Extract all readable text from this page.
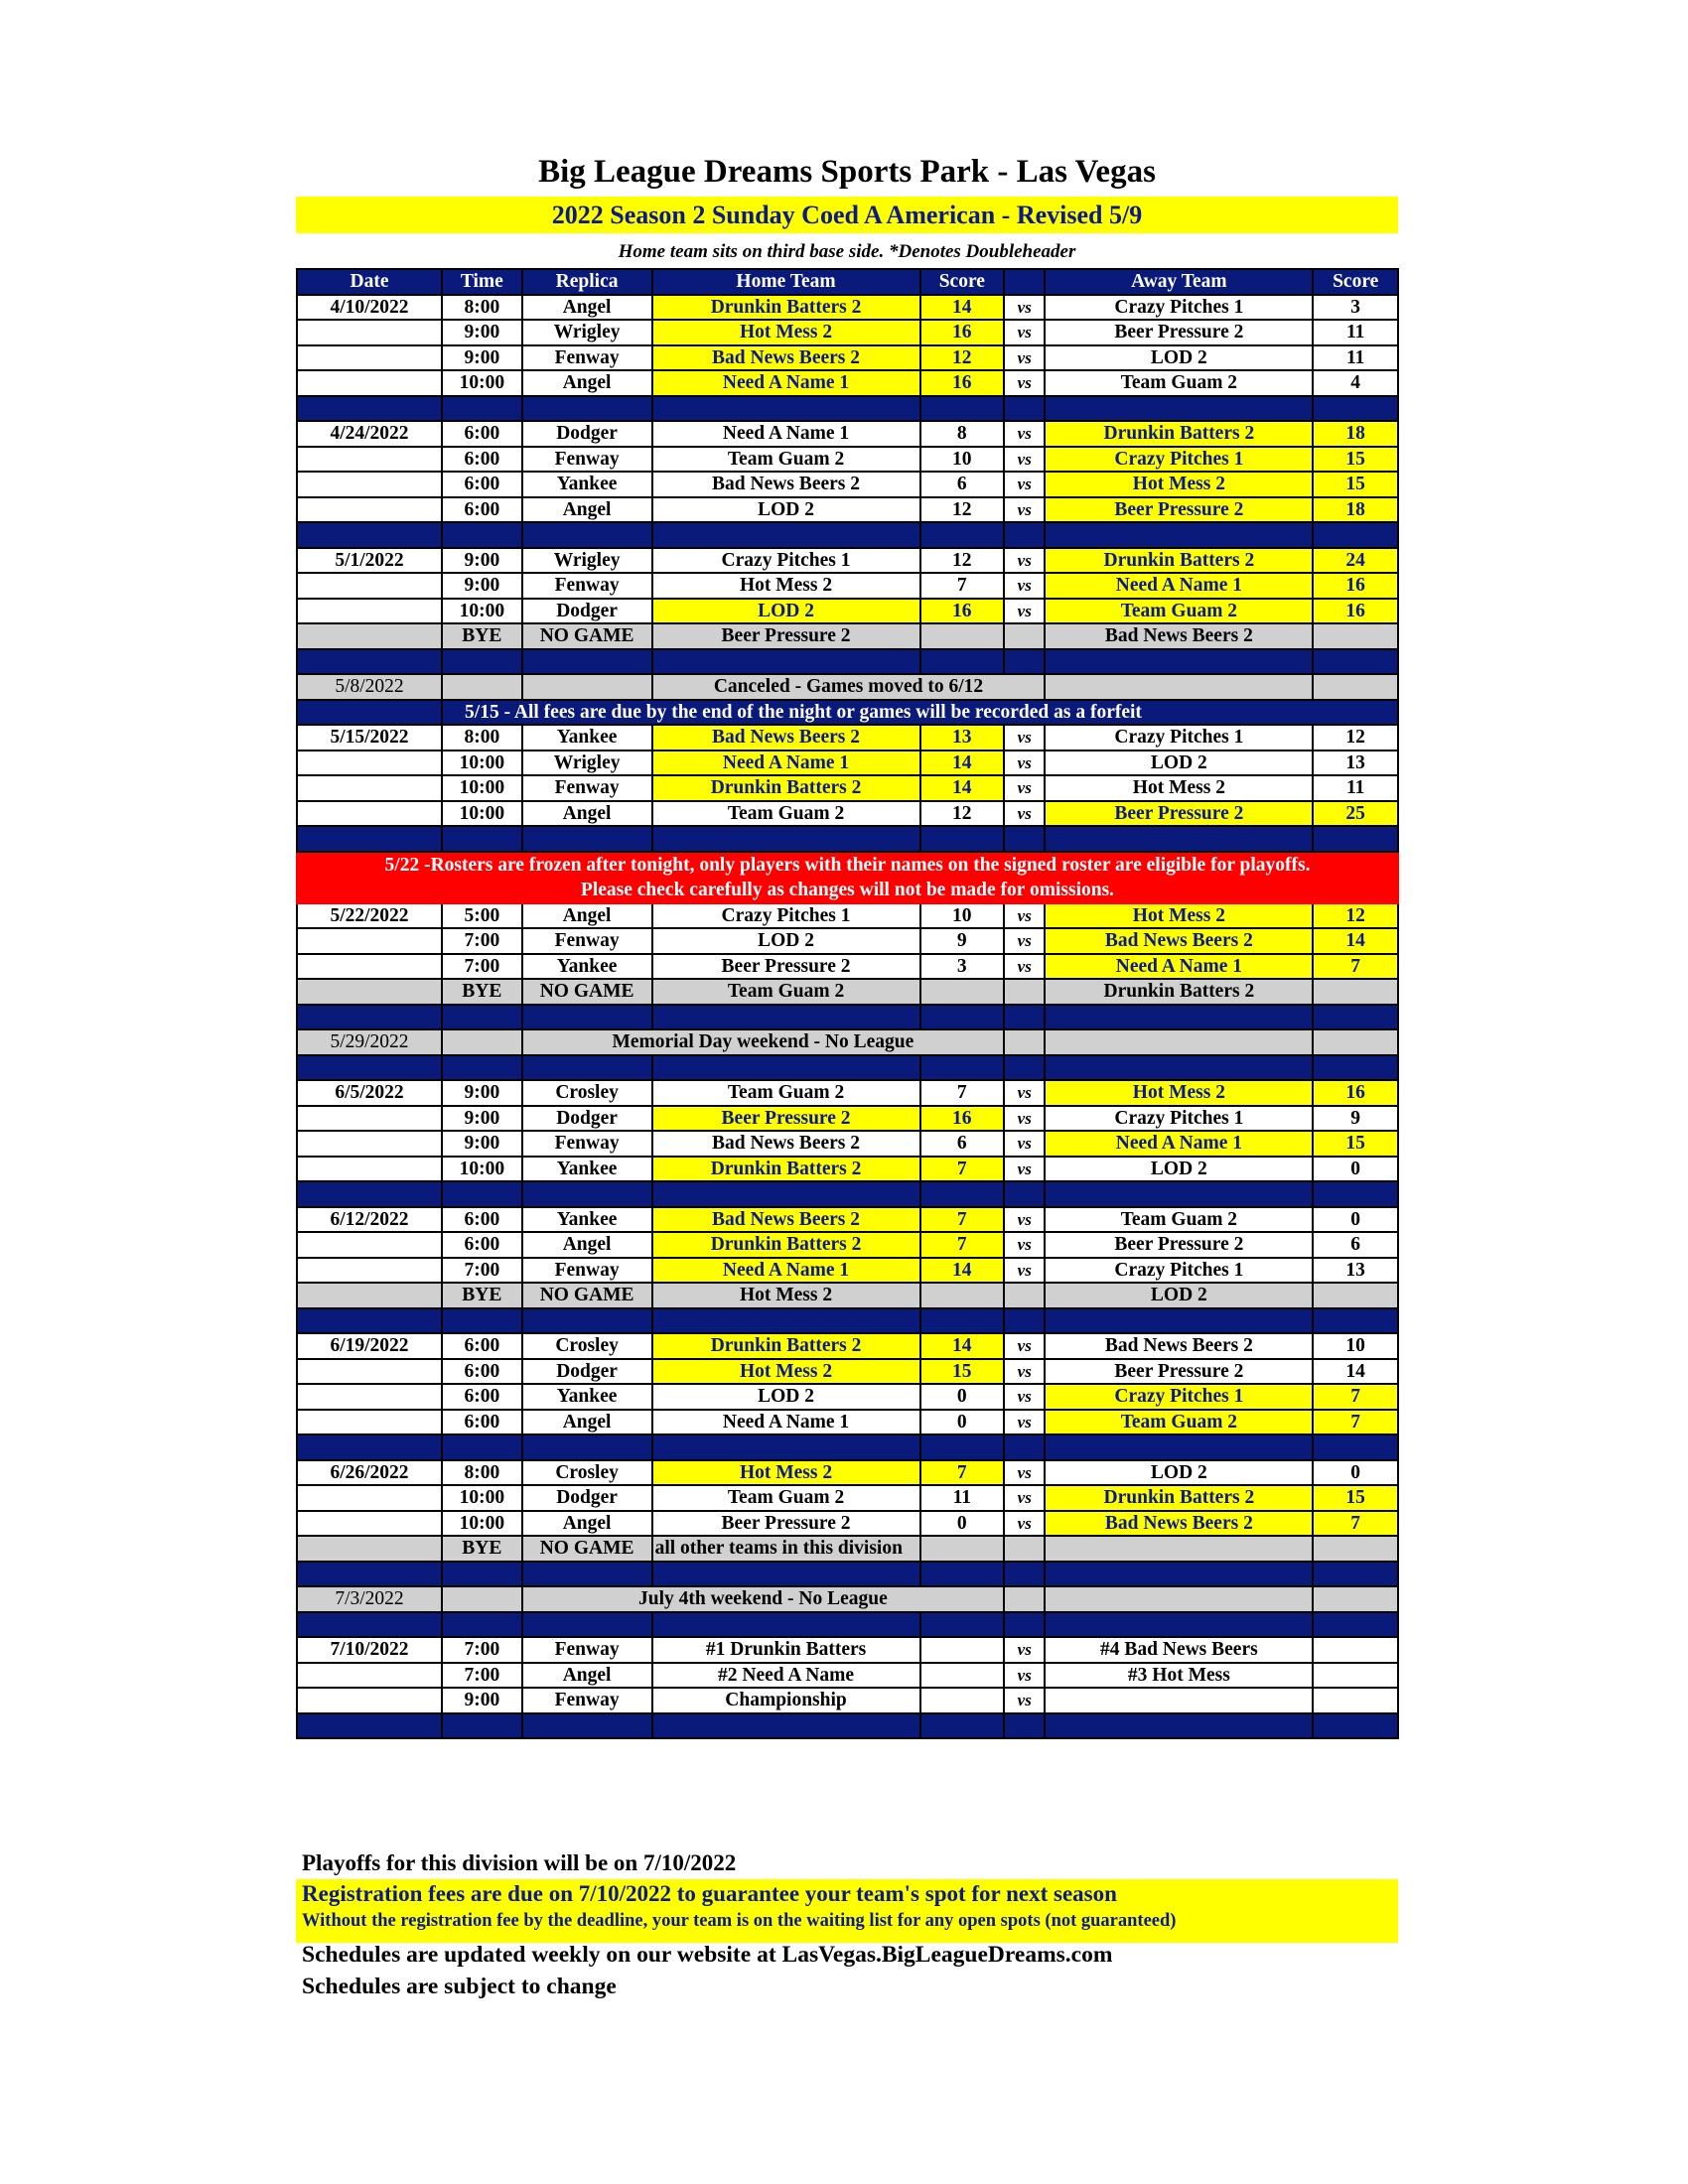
Big League Dreams Sports Park - Las Vegas
2022 Season 2 Sunday Coed A American - Revised 5/9
Home team sits on third base side. *Denotes Doubleheader
Date	Time	Replica	Home Team	Score		Away Team	Score
4/10/2022	8:00	Angel	Drunkin Batters 2	14	vs	Crazy Pitches 1	3
	9:00	Wrigley	Hot Mess 2	16	vs	Beer Pressure 2	11
	9:00	Fenway	Bad News Beers 2	12	vs	LOD 2	11
	10:00	Angel	Need A Name 1	16	vs	Team Guam 2	4

4/24/2022	6:00	Dodger	Need A Name 1	8	vs	Drunkin Batters 2	18
	6:00	Fenway	Team Guam 2	10	vs	Crazy Pitches 1	15
	6:00	Yankee	Bad News Beers 2	6	vs	Hot Mess 2	15
	6:00	Angel	LOD 2	12	vs	Beer Pressure 2	18

5/1/2022	9:00	Wrigley	Crazy Pitches 1	12	vs	Drunkin Batters 2	24
	9:00	Fenway	Hot Mess 2	7	vs	Need A Name 1	16
	10:00	Dodger	LOD 2	16	vs	Team Guam 2	16
	BYE	NO GAME	Beer Pressure 2			Bad News Beers 2	

5/8/2022			Canceled - Games moved to 6/12				
	5/15 - All fees are due by the end of the night or games will be recorded as a forfeit						
5/15/2022	8:00	Yankee	Bad News Beers 2	13	vs	Crazy Pitches 1	12
	10:00	Wrigley	Need A Name 1	14	vs	LOD 2	13
	10:00	Fenway	Drunkin Batters 2	14	vs	Hot Mess 2	11
	10:00	Angel	Team Guam 2	12	vs	Beer Pressure 2	25

5/22 -Rosters are frozen after tonight, only players with their names on the signed roster are eligible for playoffs.
Please check carefully as changes will not be made for omissions.							

5/22/2022	5:00	Angel	Crazy Pitches 1	10	vs	Hot Mess 2	12
	7:00	Fenway	LOD 2	9	vs	Bad News Beers 2	14
	7:00	Yankee	Beer Pressure 2	3	vs	Need A Name 1	7
	BYE	NO GAME	Team Guam 2			Drunkin Batters 2	

5/29/2022		Memorial Day weekend - No League					

6/5/2022	9:00	Crosley	Team Guam 2	7	vs	Hot Mess 2	16
	9:00	Dodger	Beer Pressure 2	16	vs	Crazy Pitches 1	9
	9:00	Fenway	Bad News Beers 2	6	vs	Need A Name 1	15
	10:00	Yankee	Drunkin Batters 2	7	vs	LOD 2	0

6/12/2022	6:00	Yankee	Bad News Beers 2	7	vs	Team Guam 2	0
	6:00	Angel	Drunkin Batters 2	7	vs	Beer Pressure 2	6
	7:00	Fenway	Need A Name 1	14	vs	Crazy Pitches 1	13
	BYE	NO GAME	Hot Mess 2			LOD 2	

6/19/2022	6:00	Crosley	Drunkin Batters 2	14	vs	Bad News Beers 2	10
	6:00	Dodger	Hot Mess 2	15	vs	Beer Pressure 2	14
	6:00	Yankee	LOD 2	0	vs	Crazy Pitches 1	7
	6:00	Angel	Need A Name 1	0	vs	Team Guam 2	7

6/26/2022	8:00	Crosley	Hot Mess 2	7	vs	LOD 2	0
	10:00	Dodger	Team Guam 2	11	vs	Drunkin Batters 2	15
	10:00	Angel	Beer Pressure 2	0	vs	Bad News Beers 2	7
	BYE	NO GAME	all other teams in this division				

7/3/2022		July 4th weekend - No League					

7/10/2022	7:00	Fenway	#1 Drunkin Batters		vs	#4 Bad News Beers	
	7:00	Angel	#2 Need A Name		vs	#3 Hot Mess	
	9:00	Fenway	Championship		vs		

Playoffs for this division will be on 7/10/2022
Registration fees are due on 7/10/2022 to guarantee your team's spot for next season
Without the registration fee by the deadline, your team is on the waiting list for any open spots (not guaranteed)
Schedules are updated weekly on our website at LasVegas.BigLeagueDreams.com
Schedules are subject to change
